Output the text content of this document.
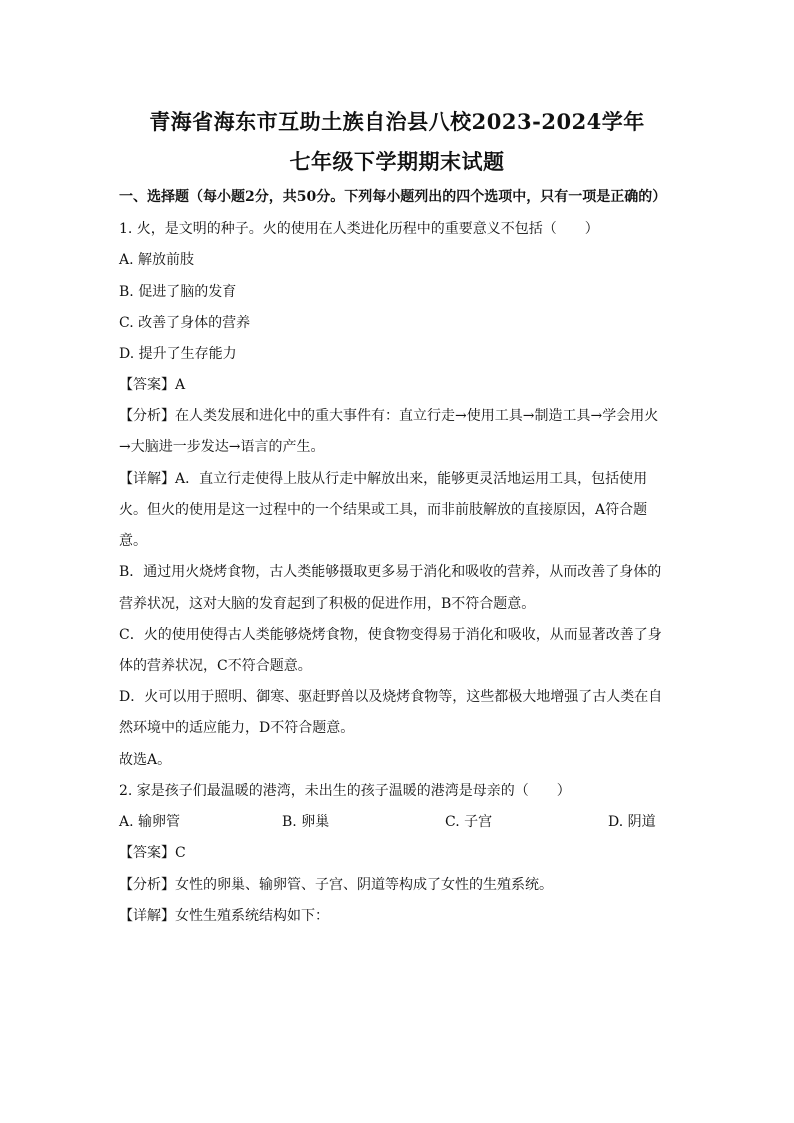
青海省海东市互助土族自治县八校2023-2024学年
七年级下学期期末试题
一、选择题（每小题2分，共50分。下列每小题列出的四个选项中，只有一项是正确的）
1. 火，是文明的种子。火的使用在人类进化历程中的重要意义不包括（　　）
A. 解放前肢
B. 促进了脑的发育
C. 改善了身体的营养
D. 提升了生存能力
【答案】A
【分析】在人类发展和进化中的重大事件有：直立行走→使用工具→制造工具→学会用火
→大脑进一步发达→语言的产生。
【详解】A．直立行走使得上肢从行走中解放出来，能够更灵活地运用工具，包括使用
火。但火的使用是这一过程中的一个结果或工具，而非前肢解放的直接原因，A符合题
意。
B．通过用火烧烤食物，古人类能够摄取更多易于消化和吸收的营养，从而改善了身体的
营养状况，这对大脑的发育起到了积极的促进作用，B不符合题意。
C．火的使用使得古人类能够烧烤食物，使食物变得易于消化和吸收，从而显著改善了身
体的营养状况，C不符合题意。
D．火可以用于照明、御寒、驱赶野兽以及烧烤食物等，这些都极大地增强了古人类在自
然环境中的适应能力，D不符合题意。
故选A。
2. 家是孩子们最温暖的港湾，未出生的孩子温暖的港湾是母亲的（　　）
A. 输卵管	B. 卵巢	C. 子宫	D. 阴道
【答案】C
【分析】女性的卵巢、输卵管、子宫、阴道等构成了女性的生殖系统。
【详解】女性生殖系统结构如下：
